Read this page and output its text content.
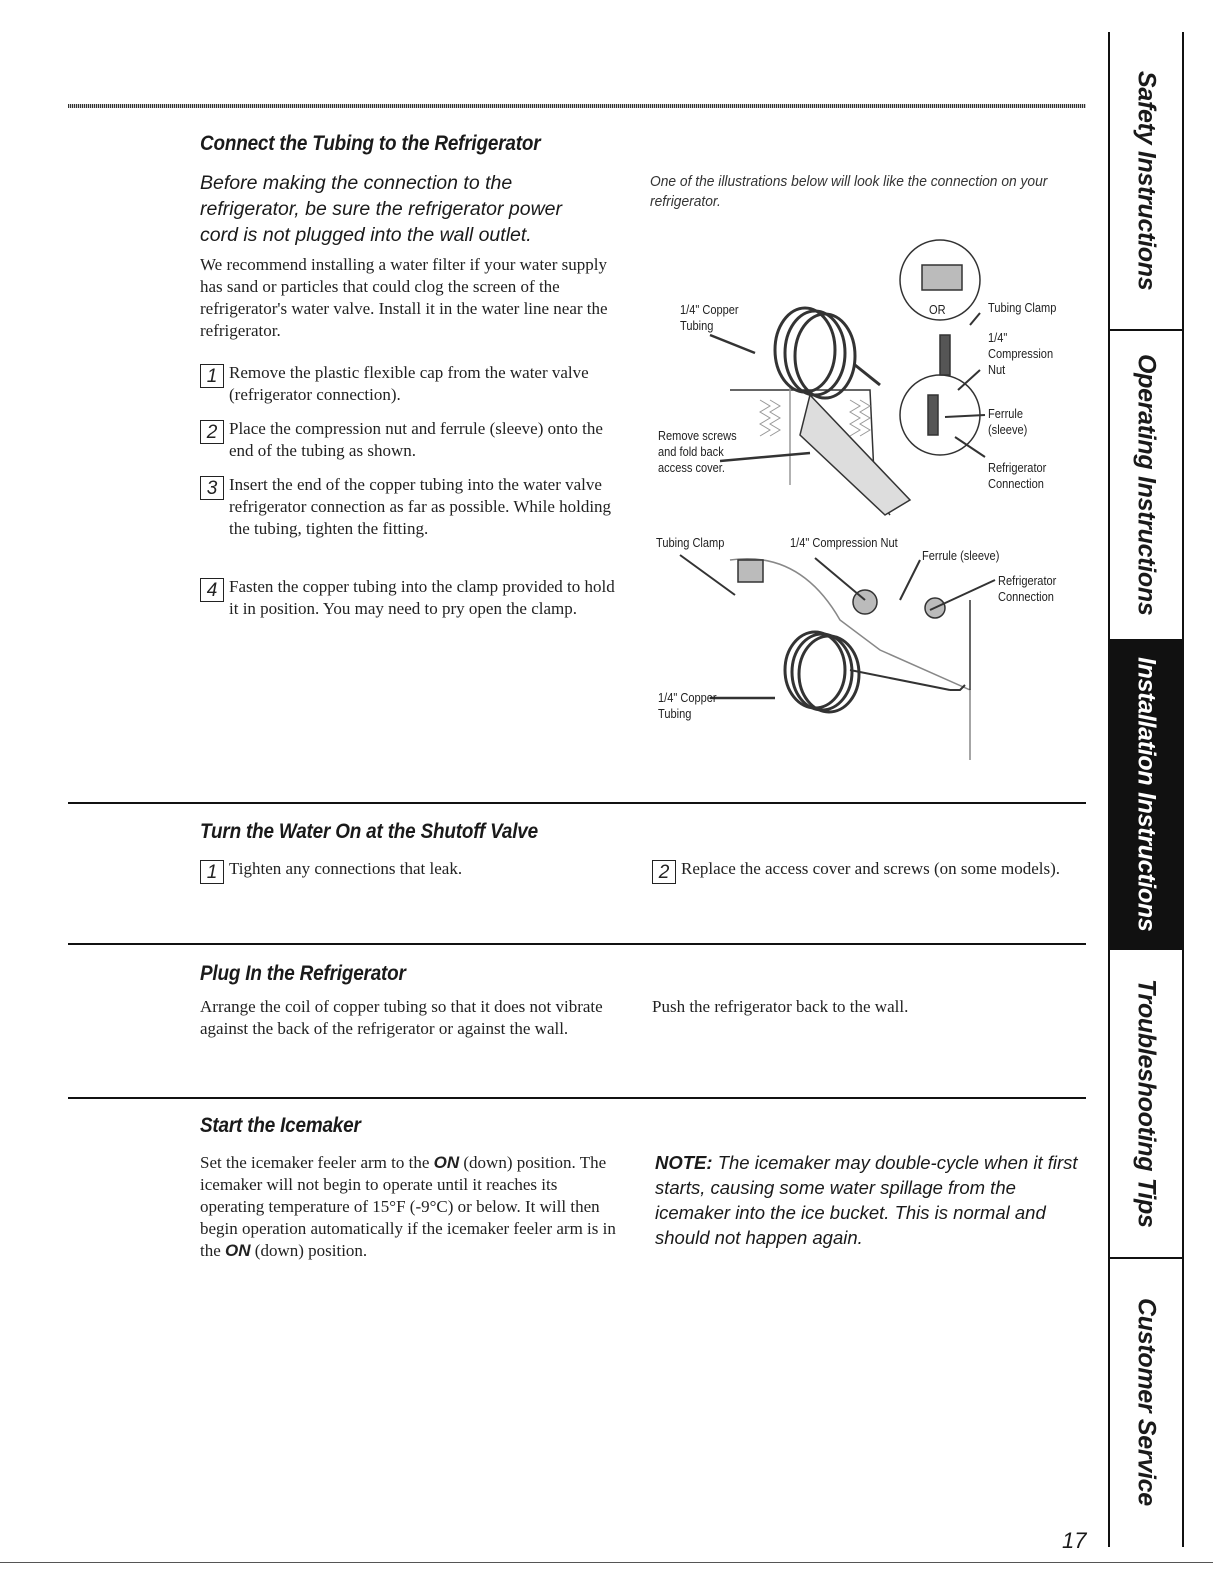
Connect the Tubing to the Refrigerator
Before making the connection to the refrigerator, be sure the refrigerator power cord is not plugged into the wall outlet.
We recommend installing a water filter if your water supply has sand or particles that could clog the screen of the refrigerator's water valve. Install it in the water line near the refrigerator.
1 Remove the plastic flexible cap from the water valve (refrigerator connection).
2 Place the compression nut and ferrule (sleeve) onto the end of the tubing as shown.
3 Insert the end of the copper tubing into the water valve refrigerator connection as far as possible. While holding the tubing, tighten the fitting.
4 Fasten the copper tubing into the clamp provided to hold it in position. You may need to pry open the clamp.
One of the illustrations below will look like the connection on your refrigerator.
1/4" Copper
Tubing
OR	Tubing Clamp
1/4"
Compression
Nut
Ferrule
(sleeve)
Refrigerator
Connection
Remove screws
and fold back
access cover.
Tubing Clamp	1/4" Compression Nut
Ferrule (sleeve)
Refrigerator
Connection
1/4" Copper
Tubing
Turn the Water On at the Shutoff Valve
1 Tighten any connections that leak.	2 Replace the access cover and screws (on some models).
Plug In the Refrigerator
Arrange the coil of copper tubing so that it does not vibrate against the back of the refrigerator or against the wall.
Push the refrigerator back to the wall.
Start the Icemaker
Set the icemaker feeler arm to the ON (down) position. The icemaker will not begin to operate until it reaches its operating temperature of 15°F (-9°C) or below. It will then begin operation automatically if the icemaker feeler arm is in the ON (down) position.
NOTE: The icemaker may double-cycle when it first starts, causing some water spillage from the icemaker into the ice bucket. This is normal and should not happen again.
Safety Instructions
Operating Instructions
Installation Instructions
Troubleshooting Tips
Customer Service
17
